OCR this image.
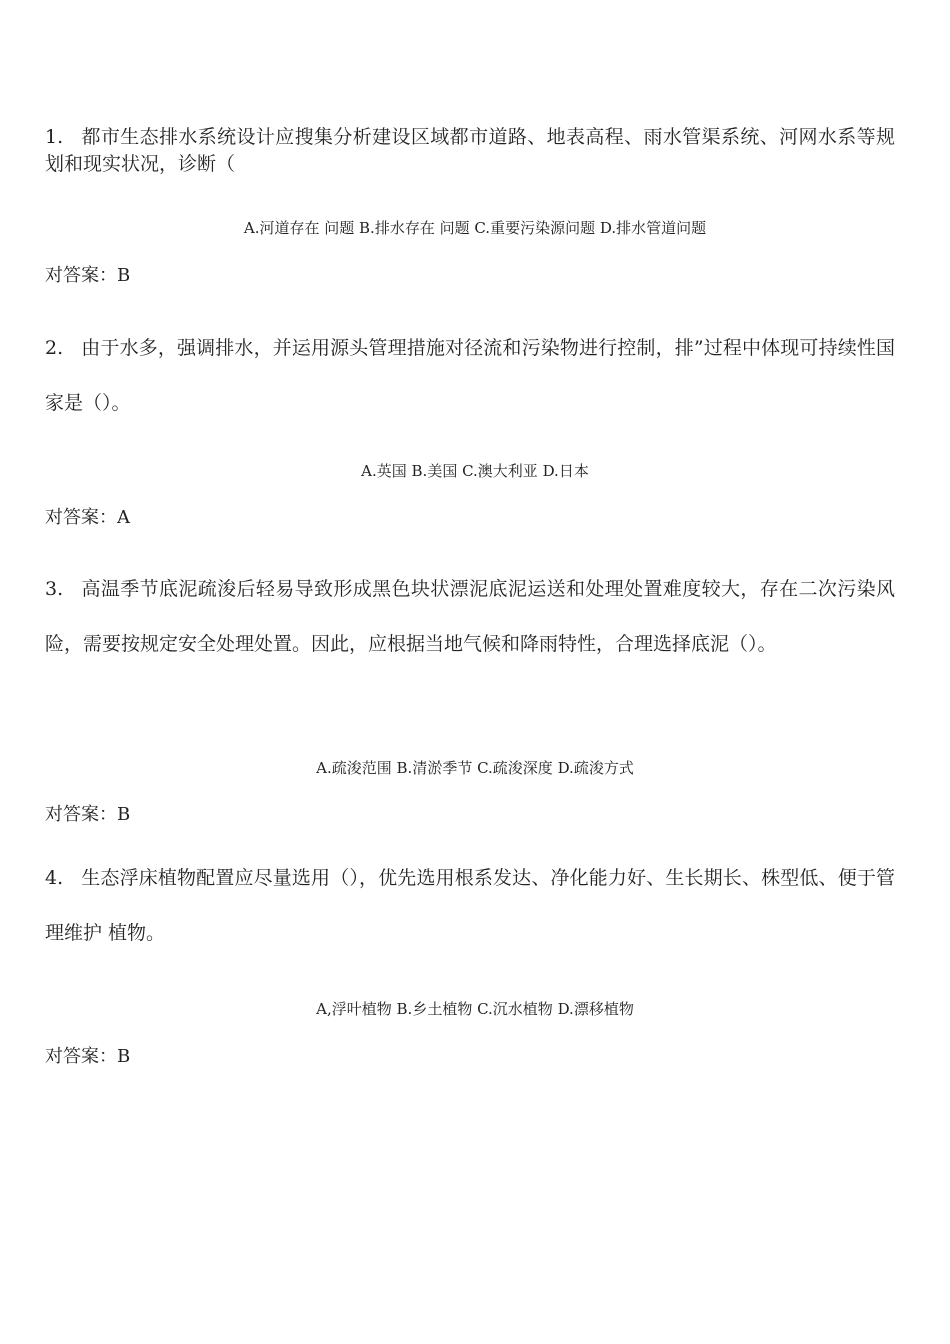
1. 都市生态排水系统设计应搜集分析建设区域都市道路、地表高程、雨水管渠系统、河网水系等规划和现实状况，诊断（

A.河道存在 问题 B.排水存在 问题 C.重要污染源问题 D.排水管道问题

对答案：B

2. 由于水多，强调排水，并运用源头管理措施对径流和污染物进行控制，排”过程中体现可持续性国家是（）。

A.英国 B.美国 C.澳大利亚 D.日本

对答案：A

3. 高温季节底泥疏浚后轻易导致形成黑色块状漂泥底泥运送和处理处置难度较大，存在二次污染风险，需要按规定安全处理处置。因此，应根据当地气候和降雨特性，合理选择底泥（）。

A.疏浚范围 B.清淤季节 C.疏浚深度 D.疏浚方式

对答案：B

4. 生态浮床植物配置应尽量选用（），优先选用根系发达、净化能力好、生长期长、株型低、便于管理维护 植物。

A,浮叶植物 B.乡土植物 C.沉水植物 D.漂移植物

对答案：B
